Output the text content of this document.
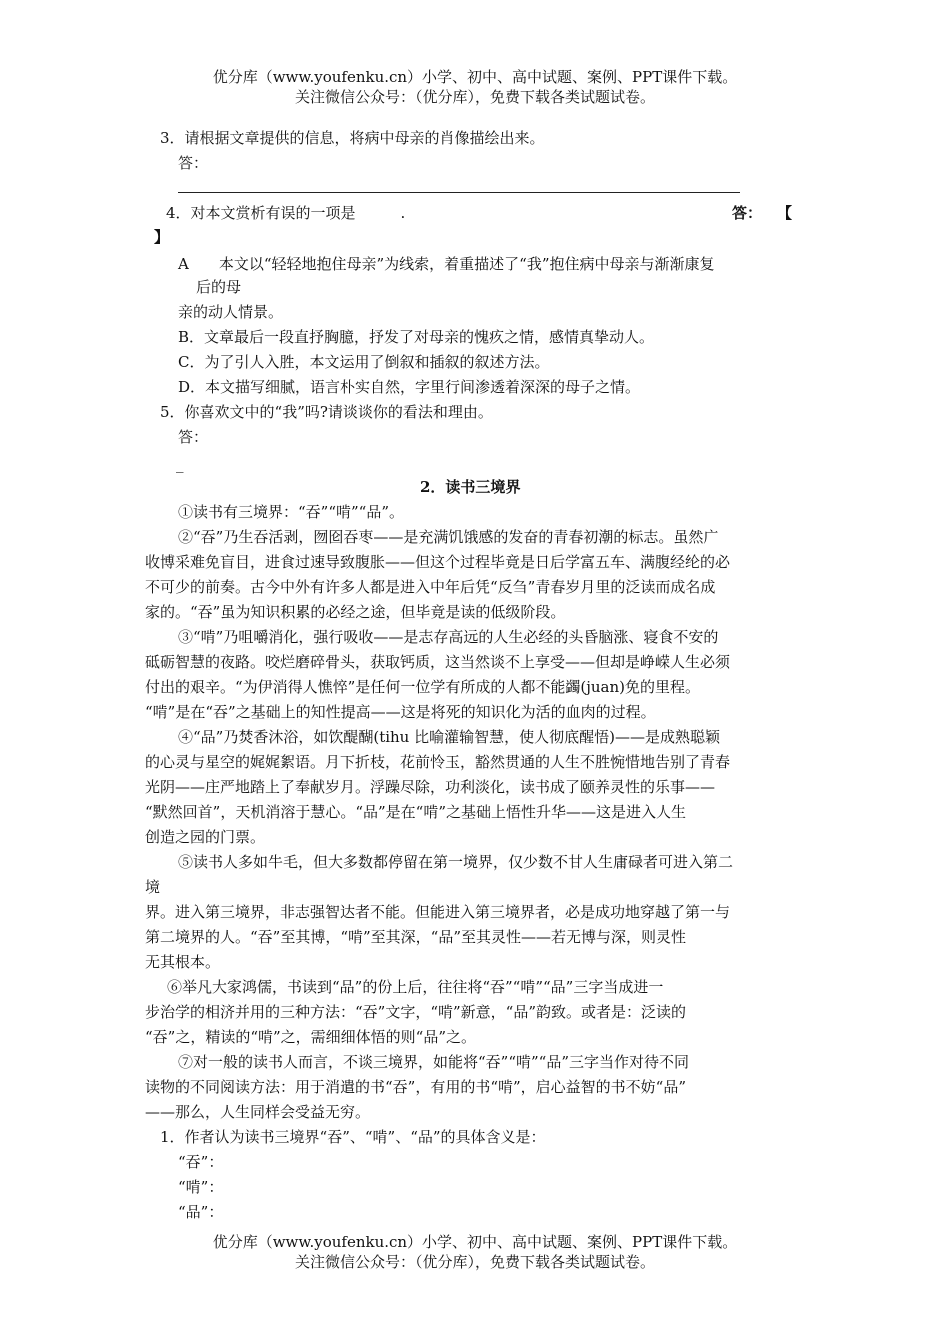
优分库（www.youfenku.cn）小学、初中、高中试题、案例、PPT课件下载。
关注微信公众号：（优分库），免费下载各类试题试卷。
3．请根据文章提供的信息，将病中母亲的肖像描绘出来。
答：
4．对本文赏析有误的一项是　　　.	答：　　【
】
A　　本文以“轻轻地抱住母亲”为线索，着重描述了“我”抱住病中母亲与渐渐康复
后的母
亲的动人情景。
B．文章最后一段直抒胸臆，抒发了对母亲的愧疚之情，感情真挚动人。
C．为了引人入胜，本文运用了倒叙和插叙的叙述方法。
D．本文描写细腻，语言朴实自然，字里行间渗透着深深的母子之情。
5．你喜欢文中的“我”吗?请谈谈你的看法和理由。
答：
_
2．读书三境界
①读书有三境界：“吞”“啃”“品”。
②“吞”乃生吞活剥，囫囵吞枣——是充满饥饿感的发奋的青春初潮的标志。虽然广
收博采难免盲目，进食过速导致腹胀——但这个过程毕竟是日后学富五车、满腹经纶的必
不可少的前奏。古今中外有许多人都是进入中年后凭“反刍”青春岁月里的泛读而成名成
家的。“吞”虽为知识积累的必经之途，但毕竟是读的低级阶段。
③“啃”乃咀嚼消化，强行吸收——是志存高远的人生必经的头昏脑涨、寝食不安的
砥砺智慧的夜路。咬烂磨碎骨头，获取钙质，这当然谈不上享受——但却是峥嵘人生必须
付出的艰辛。“为伊消得人憔悴”是任何一位学有所成的人都不能蠲(juan)免的里程。
“啃”是在“吞”之基础上的知性提高——这是将死的知识化为活的血肉的过程。
④“品”乃焚香沐浴，如饮醍醐(tihu 比喻灌输智慧，使人彻底醒悟)——是成熟聪颖
的心灵与星空的娓娓絮语。月下折枝，花前怜玉，豁然贯通的人生不胜惋惜地告别了青春
光阴——庄严地踏上了奉献岁月。浮躁尽除，功利淡化，读书成了颐养灵性的乐事——
“默然回首”，天机消溶于慧心。“品”是在“啃”之基础上悟性升华——这是进入人生
创造之园的门票。
⑤读书人多如牛毛，但大多数都停留在第一境界，仅少数不甘人生庸碌者可进入第二
境
界。进入第三境界，非志强智达者不能。但能进入第三境界者，必是成功地穿越了第一与
第二境界的人。“吞”至其博，“啃”至其深，“品”至其灵性——若无博与深，则灵性
无其根本。
⑥举凡大家鸿儒，书读到“品”的份上后，往往将“吞”“啃”“品”三字当成进一
步治学的相济并用的三种方法：“吞”文字，“啃”新意，“品”韵致。或者是：泛读的
“吞”之，精读的“啃”之，需细细体悟的则“品”之。
⑦对一般的读书人而言，不谈三境界，如能将“吞”“啃”“品”三字当作对待不同
读物的不同阅读方法：用于消遣的书“吞”，有用的书“啃”，启心益智的书不妨“品”
——那么，人生同样会受益无穷。
1．作者认为读书三境界“吞”、“啃”、“品”的具体含义是：
“吞”：
“啃”：
“品”：
优分库（www.youfenku.cn）小学、初中、高中试题、案例、PPT课件下载。
关注微信公众号：（优分库），免费下载各类试题试卷。
